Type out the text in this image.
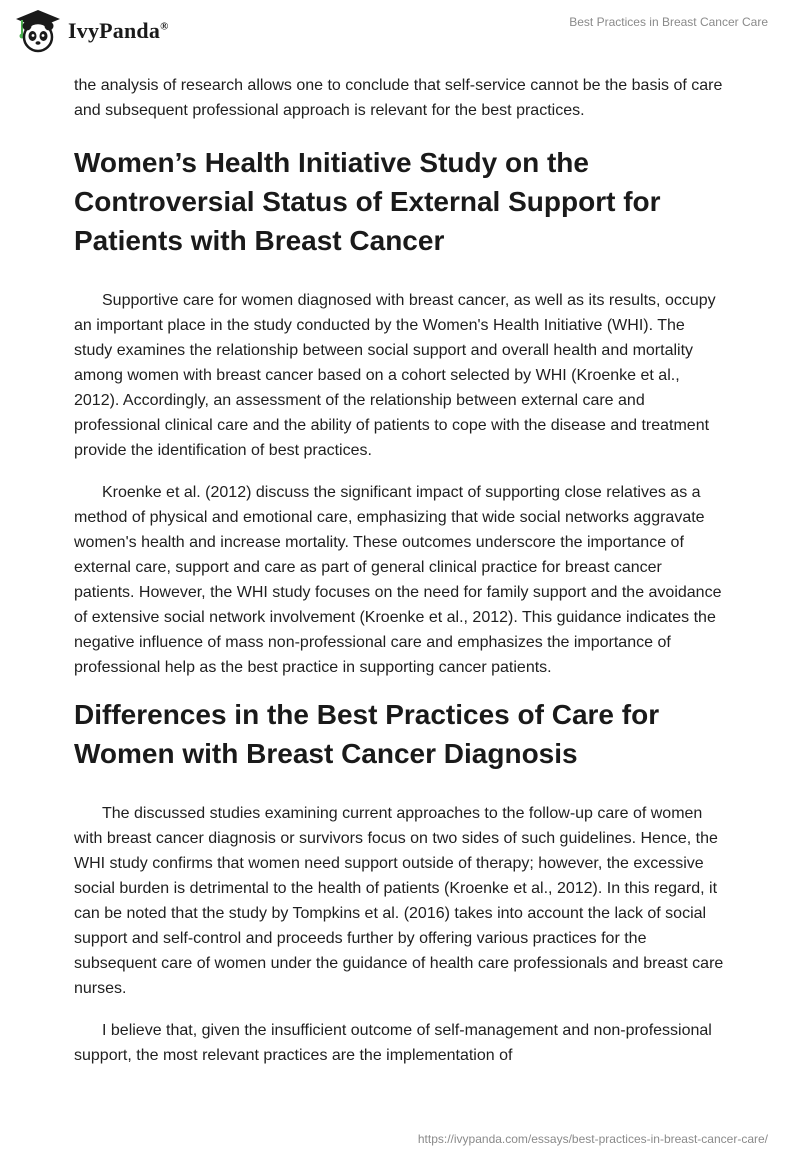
IvyPanda®	Best Practices in Breast Cancer Care

the analysis of research allows one to conclude that self-service cannot be the basis of care and subsequent professional approach is relevant for the best practices.

Women’s Health Initiative Study on the Controversial Status of External Support for Patients with Breast Cancer

Supportive care for women diagnosed with breast cancer, as well as its results, occupy an important place in the study conducted by the Women's Health Initiative (WHI). The study examines the relationship between social support and overall health and mortality among women with breast cancer based on a cohort selected by WHI (Kroenke et al., 2012). Accordingly, an assessment of the relationship between external care and professional clinical care and the ability of patients to cope with the disease and treatment provide the identification of best practices.

Kroenke et al. (2012) discuss the significant impact of supporting close relatives as a method of physical and emotional care, emphasizing that wide social networks aggravate women's health and increase mortality. These outcomes underscore the importance of external care, support and care as part of general clinical practice for breast cancer patients. However, the WHI study focuses on the need for family support and the avoidance of extensive social network involvement (Kroenke et al., 2012). This guidance indicates the negative influence of mass non-professional care and emphasizes the importance of professional help as the best practice in supporting cancer patients.

Differences in the Best Practices of Care for Women with Breast Cancer Diagnosis

The discussed studies examining current approaches to the follow-up care of women with breast cancer diagnosis or survivors focus on two sides of such guidelines. Hence, the WHI study confirms that women need support outside of therapy; however, the excessive social burden is detrimental to the health of patients (Kroenke et al., 2012). In this regard, it can be noted that the study by Tompkins et al. (2016) takes into account the lack of social support and self-control and proceeds further by offering various practices for the subsequent care of women under the guidance of health care professionals and breast care nurses.

I believe that, given the insufficient outcome of self-management and non-professional support, the most relevant practices are the implementation of

https://ivypanda.com/essays/best-practices-in-breast-cancer-care/
